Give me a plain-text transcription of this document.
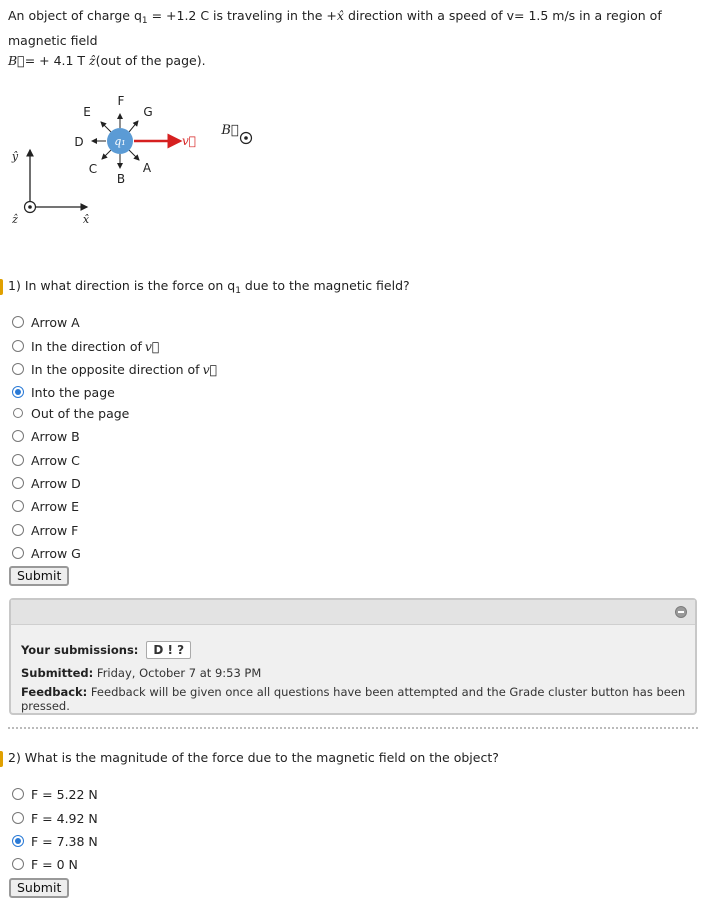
An object of charge $q_1 = +1.2$ C is traveling in the +x̂ direction with a speed of v= 1.5 m/s in a region of magnetic field
B⃗= + 4.1 T ẑ(out of the page).
q₁
F
G
E
D
C
B
A
v⃗
B⃗
ŷ
x̂
ẑ
1) In what direction is the force on $q_1$ due to the magnetic field?
Arrow A
In the direction of v⃗
In the opposite direction of v⃗
Into the page
Out of the page
Arrow B
Arrow C
Arrow D
Arrow E
Arrow F
Arrow G
Submit
Your submissions: D ! ?
Submitted: Friday, October 7 at 9:53 PM
Feedback: Feedback will be given once all questions have been attempted and the Grade cluster button has been pressed.
2) What is the magnitude of the force due to the magnetic field on the object?
F = 5.22 N
F = 4.92 N
F = 7.38 N
F = 0 N
Submit
